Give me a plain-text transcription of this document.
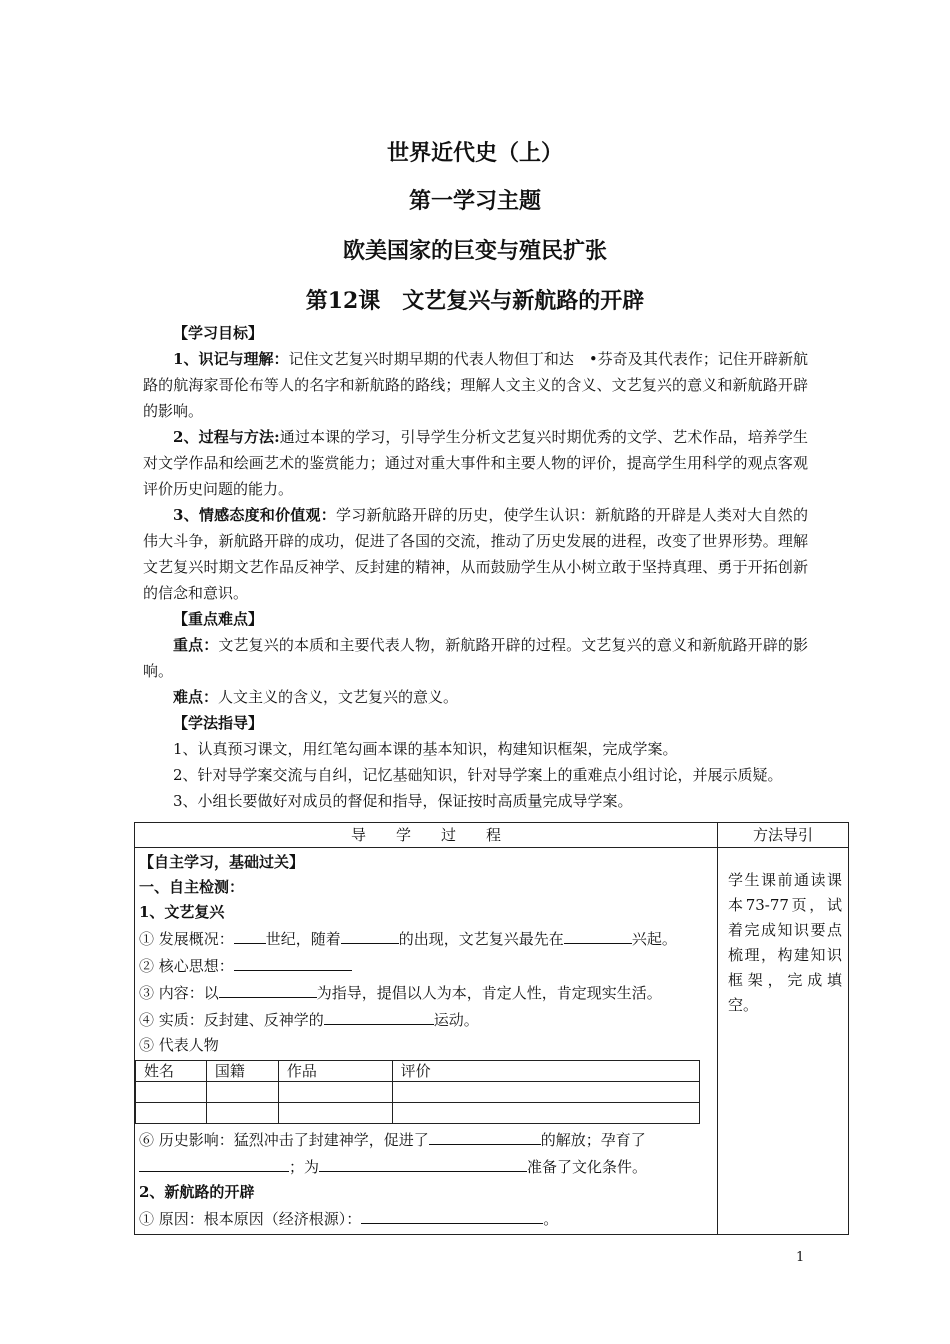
世界近代史（上）
第一学习主题
欧美国家的巨变与殖民扩张
第12课　文艺复兴与新航路的开辟
【学习目标】
1、识记与理解：记住文艺复兴时期早期的代表人物但丁和达　•芬奇及其代表作；记住开辟新航路的航海家哥伦布等人的名字和新航路的路线；理解人文主义的含义、文艺复兴的意义和新航路开辟的影响。
2、过程与方法:通过本课的学习，引导学生分析文艺复兴时期优秀的文学、艺术作品，培养学生对文学作品和绘画艺术的鉴赏能力；通过对重大事件和主要人物的评价，提高学生用科学的观点客观评价历史问题的能力。
3、情感态度和价值观：学习新航路开辟的历史，使学生认识：新航路的开辟是人类对大自然的伟大斗争，新航路开辟的成功，促进了各国的交流，推动了历史发展的进程，改变了世界形势。理解文艺复兴时期文艺作品反神学、反封建的精神，从而鼓励学生从小树立敢于坚持真理、勇于开拓创新的信念和意识。
【重点难点】
重点：文艺复兴的本质和主要代表人物，新航路开辟的过程。文艺复兴的意义和新航路开辟的影响。
难点：人文主义的含义，文艺复兴的意义。
【学法指导】
1、认真预习课文，用红笔勾画本课的基本知识，构建知识框架，完成学案。
2、针对导学案交流与自纠，记忆基础知识，针对导学案上的重难点小组讨论，并展示质疑。
3、小组长要做好对成员的督促和指导，保证按时高质量完成导学案。
导　　学　　过　　程	方法导引

【自主学习，基础过关】
一、自主检测：
1、文艺复兴
① 发展概况： 世纪，随着	的出现，文艺复兴最先在	兴起。
② 核心思想：
③ 内容：以	为指导，提倡以人为本，肯定人性，肯定现实生活。
④ 实质：反封建、反神学的	运动。
⑤ 代表人物
姓名	国籍	作品	评价

⑥ 历史影响：猛烈冲击了封建神学，促进了	的解放；孕育了
；为	准备了文化条件。
2、新航路的开辟
① 原因：根本原因（经济根源）：	。

学生课前通读课本73-77页，试着完成知识要点梳理，构建知识框架，完成填空。
1
